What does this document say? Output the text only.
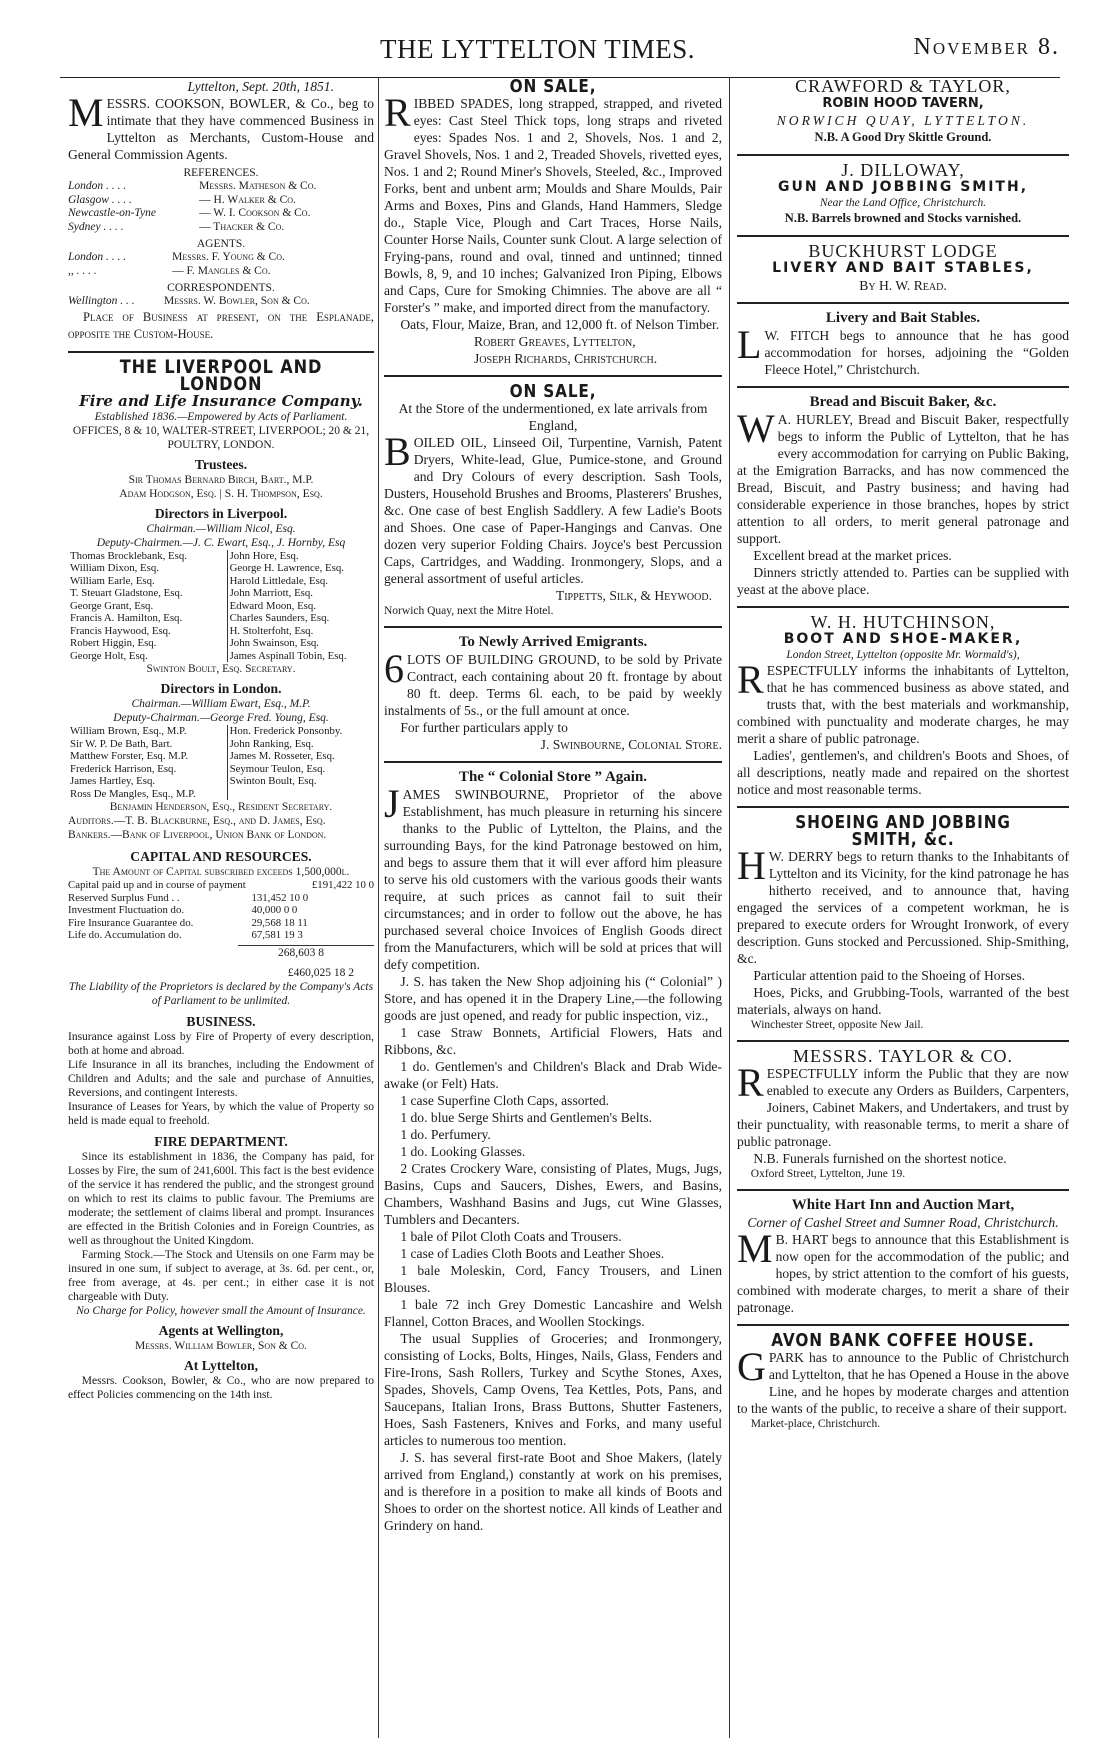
THE LYTTELTON TIMES.	November 8.

Lyttelton, Sept. 20th, 1851.

MESSRS. COOKSON, BOWLER, & Co., beg to intimate that they have commenced Business in Lyttelton as Merchants, Custom-House and General Commission Agents.

REFERENCES.

London . . . .	Messrs. Matheson & Co.
Glasgow . . . .	— H. Walker & Co.
Newcastle-on-Tyne	— W. I. Cookson & Co.
Sydney . . . .	— Thacker & Co.

AGENTS.

London . . . .	Messrs. F. Young & Co.
,, . . . .	— F. Mangles & Co.

CORRESPONDENTS.

Wellington . . .	Messrs. W. Bowler, Son & Co.

Place of Business at present, on the Esplanade, opposite the Custom-House.

THE LIVERPOOL AND LONDON

Fire and Life Insurance Company.

Established 1836.—Empowered by Acts of Parliament.

OFFICES, 8 & 10, WALTER-STREET, LIVERPOOL; 20 & 21, POULTRY, LONDON.

Trustees.

Sir Thomas Bernard Birch, Bart., M.P.

Adam Hodgson, Esq. | S. H. Thompson, Esq.

Directors in Liverpool.

Chairman.—William Nicol, Esq.

Deputy-Chairmen.—J. C. Ewart, Esq., J. Hornby, Esq

Thomas Brocklebank, Esq.	John Hore, Esq.
William Dixon, Esq.	George H. Lawrence, Esq.
William Earle, Esq.	Harold Littledale, Esq.
T. Steuart Gladstone, Esq.	John Marriott, Esq.
George Grant, Esq.	Edward Moon, Esq.
Francis A. Hamilton, Esq.	Charles Saunders, Esq.
Francis Haywood, Esq.	H. Stolterfoht, Esq.
Robert Higgin, Esq.	John Swainson, Esq.
George Holt, Esq.	James Aspinall Tobin, Esq.

Swinton Boult, Esq. Secretary.

Directors in London.

Chairman.—William Ewart, Esq., M.P.

Deputy-Chairman.—George Fred. Young, Esq.

William Brown, Esq., M.P.	Hon. Frederick Ponsonby.
Sir W. P. De Bath, Bart.	John Ranking, Esq.
Matthew Forster, Esq. M.P.	James M. Rosseter, Esq.
Frederick Harrison, Esq.	Seymour Teulon, Esq.
James Hartley, Esq.	Swinton Boult, Esq.
Ross De Mangles, Esq., M.P.	

Benjamin Henderson, Esq., Resident Secretary.

Auditors.—T. B. Blackburne, Esq., and D. James, Esq.

Bankers.—Bank of Liverpool, Union Bank of London.

CAPITAL AND RESOURCES.

The Amount of Capital subscribed exceeds 1,500,000l.

Capital paid up and in course of payment		£191,422 10 0
Reserved Surplus Fund . .	131,452 10 0	
Investment Fluctuation do.	40,000 0 0	
Fire Insurance Guarantee do.	29,568 18 11	
Life do. Accumulation do.	67,581 19 3	

268,603 8

£460,025 18 2

The Liability of the Proprietors is declared by the Company's Acts of Parliament to be unlimited.

BUSINESS.

Insurance against Loss by Fire of Property of every description, both at home and abroad.

Life Insurance in all its branches, including the Endowment of Children and Adults; and the sale and purchase of Annuities, Reversions, and contingent Interests.

Insurance of Leases for Years, by which the value of Property so held is made equal to freehold.

FIRE DEPARTMENT.

Since its establishment in 1836, the Company has paid, for Losses by Fire, the sum of 241,600l. This fact is the best evidence of the service it has rendered the public, and the strongest ground on which to rest its claims to public favour. The Premiums are moderate; the settlement of claims liberal and prompt. Insurances are effected in the British Colonies and in Foreign Countries, as well as throughout the United Kingdom.

Farming Stock.—The Stock and Utensils on one Farm may be insured in one sum, if subject to average, at 3s. 6d. per cent., or, free from average, at 4s. per cent.; in either case it is not chargeable with Duty.

No Charge for Policy, however small the Amount of Insurance.

Agents at Wellington,

Messrs. William Bowler, Son & Co.

At Lyttelton,

Messrs. Cookson, Bowler, & Co., who are now prepared to effect Policies commencing on the 14th inst.

ON SALE,

RIBBED SPADES, long strapped, strapped, and riveted eyes: Cast Steel Thick tops, long straps and riveted eyes: Spades Nos. 1 and 2, Shovels, Nos. 1 and 2, Gravel Shovels, Nos. 1 and 2, Treaded Shovels, rivetted eyes, Nos. 1 and 2; Round Miner's Shovels, Steeled, &c., Improved Forks, bent and unbent arm; Moulds and Share Moulds, Pair Arms and Boxes, Pins and Glands, Hand Hammers, Sledge do., Staple Vice, Plough and Cart Traces, Horse Nails, Counter Horse Nails, Counter sunk Clout. A large selection of Frying-pans, round and oval, tinned and untinned; tinned Bowls, 8, 9, and 10 inches; Galvanized Iron Piping, Elbows and Caps, Cure for Smoking Chimnies. The above are all “ Forster's ” make, and imported direct from the manufactory.

Oats, Flour, Maize, Bran, and 12,000 ft. of Nelson Timber.

Robert Greaves, Lyttelton,

Joseph Richards, Christchurch.

ON SALE,

At the Store of the undermentioned, ex late arrivals from England,

BOILED OIL, Linseed Oil, Turpentine, Varnish, Patent Dryers, White-lead, Glue, Pumice-stone, and Ground and Dry Colours of every description. Sash Tools, Dusters, Household Brushes and Brooms, Plasterers' Brushes, &c. One case of best English Saddlery. A few Ladie's Boots and Shoes. One case of Paper-Hangings and Canvas. One dozen very superior Folding Chairs. Joyce's best Percussion Caps, Cartridges, and Wadding. Ironmongery, Slops, and a general assortment of useful articles.

Tippetts, Silk, & Heywood.

Norwich Quay, next the Mitre Hotel.

To Newly Arrived Emigrants.

6 LOTS OF BUILDING GROUND, to be sold by Private Contract, each containing about 20 ft. frontage by about 80 ft. deep. Terms 6l. each, to be paid by weekly instalments of 5s., or the full amount at once.

For further particulars apply to

J. Swinbourne, Colonial Store.

The “ Colonial Store ” Again.

JAMES SWINBOURNE, Proprietor of the above Establishment, has much pleasure in returning his sincere thanks to the Public of Lyttelton, the Plains, and the surrounding Bays, for the kind Patronage bestowed on him, and begs to assure them that it will ever afford him pleasure to serve his old customers with the various goods their wants require, at such prices as cannot fail to suit their circumstances; and in order to follow out the above, he has purchased several choice Invoices of English Goods direct from the Manufacturers, which will be sold at prices that will defy competition.

J. S. has taken the New Shop adjoining his (“ Colonial” ) Store, and has opened it in the Drapery Line,—the following goods are just opened, and ready for public inspection, viz.,

1 case Straw Bonnets, Artificial Flowers, Hats and Ribbons, &c.

1 do. Gentlemen's and Children's Black and Drab Wide-awake (or Felt) Hats.

1 case Superfine Cloth Caps, assorted.

1 do. blue Serge Shirts and Gentlemen's Belts.

1 do. Perfumery.

1 do. Looking Glasses.

2 Crates Crockery Ware, consisting of Plates, Mugs, Jugs, Basins, Cups and Saucers, Dishes, Ewers, and Basins, Chambers, Washhand Basins and Jugs, cut Wine Glasses, Tumblers and Decanters.

1 bale of Pilot Cloth Coats and Trousers.

1 case of Ladies Cloth Boots and Leather Shoes.

1 bale Moleskin, Cord, Fancy Trousers, and Linen Blouses.

1 bale 72 inch Grey Domestic Lancashire and Welsh Flannel, Cotton Braces, and Woollen Stockings.

The usual Supplies of Groceries; and Ironmongery, consisting of Locks, Bolts, Hinges, Nails, Glass, Fenders and Fire-Irons, Sash Rollers, Turkey and Scythe Stones, Axes, Spades, Shovels, Camp Ovens, Tea Kettles, Pots, Pans, and Saucepans, Italian Irons, Brass Buttons, Shutter Fasteners, Hoes, Sash Fasteners, Knives and Forks, and many useful articles to numerous too mention.

J. S. has several first-rate Boot and Shoe Makers, (lately arrived from England,) constantly at work on his premises, and is therefore in a position to make all kinds of Boots and Shoes to order on the shortest notice. All kinds of Leather and Grindery on hand.

CRAWFORD & TAYLOR,

ROBIN HOOD TAVERN,

NORWICH QUAY, LYTTELTON.

N.B. A Good Dry Skittle Ground.

J. DILLOWAY,

GUN AND JOBBING SMITH,

Near the Land Office, Christchurch.

N.B. Barrels browned and Stocks varnished.

BUCKHURST LODGE

LIVERY AND BAIT STABLES,

By H. W. Read.

Livery and Bait Stables.

L W. FITCH begs to announce that he has good accommodation for horses, adjoining the “Golden Fleece Hotel,” Christchurch.

Bread and Biscuit Baker, &c.

W A. HURLEY, Bread and Biscuit Baker, respectfully begs to inform the Public of Lyttelton, that he has every accommodation for carrying on Public Baking, at the Emigration Barracks, and has now commenced the Bread, Biscuit, and Pastry business; and having had considerable experience in those branches, hopes by strict attention to all orders, to merit general patronage and support.

Excellent bread at the market prices.

Dinners strictly attended to. Parties can be supplied with yeast at the above place.

W. H. HUTCHINSON,

BOOT AND SHOE-MAKER,

London Street, Lyttelton (opposite Mr. Wormald's),

RESPECTFULLY informs the inhabitants of Lyttelton, that he has commenced business as above stated, and trusts that, with the best materials and workmanship, combined with punctuality and moderate charges, he may merit a share of public patronage.

Ladies', gentlemen's, and children's Boots and Shoes, of all descriptions, neatly made and repaired on the shortest notice and most reasonable terms.

SHOEING AND JOBBING SMITH, &c.

H W. DERRY begs to return thanks to the Inhabitants of Lyttelton and its Vicinity, for the kind patronage he has hitherto received, and to announce that, having engaged the services of a competent workman, he is prepared to execute orders for Wrought Ironwork, of every description. Guns stocked and Percussioned. Ship-Smithing, &c.

Particular attention paid to the Shoeing of Horses.

Hoes, Picks, and Grubbing-Tools, warranted of the best materials, always on hand.

Winchester Street, opposite New Jail.

MESSRS. TAYLOR & CO.

RESPECTFULLY inform the Public that they are now enabled to execute any Orders as Builders, Carpenters, Joiners, Cabinet Makers, and Undertakers, and trust by their punctuality, with reasonable terms, to merit a share of public patronage.

N.B. Funerals furnished on the shortest notice.

Oxford Street, Lyttelton, June 19.

White Hart Inn and Auction Mart,

Corner of Cashel Street and Sumner Road, Christchurch.

M B. HART begs to announce that this Establishment is now open for the accommodation of the public; and hopes, by strict attention to the comfort of his guests, combined with moderate charges, to merit a share of their patronage.

AVON BANK COFFEE HOUSE.

GPARK has to announce to the Public of Christchurch and Lyttelton, that he has Opened a House in the above Line, and he hopes by moderate charges and attention to the wants of the public, to receive a share of their support.

Market-place, Christchurch.
